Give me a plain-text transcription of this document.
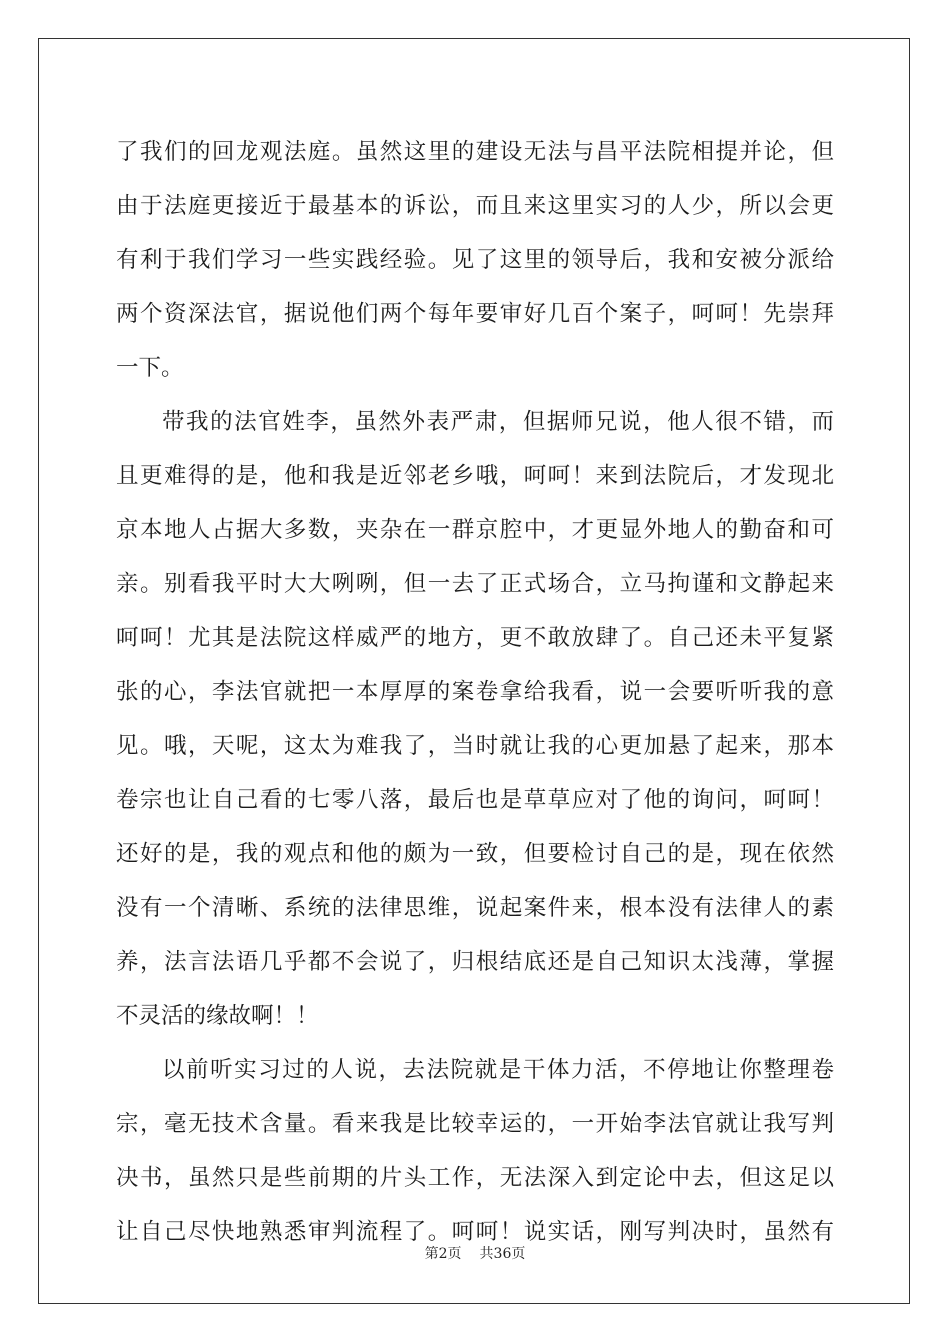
了我们的回龙观法庭。虽然这里的建设无法与昌平法院相提并论，但
由于法庭更接近于最基本的诉讼，而且来这里实习的人少，所以会更
有利于我们学习一些实践经验。见了这里的领导后，我和安被分派给
两个资深法官，据说他们两个每年要审好几百个案子，呵呵！先崇拜
一下。
带我的法官姓李，虽然外表严肃，但据师兄说，他人很不错，而
且更难得的是，他和我是近邻老乡哦，呵呵！来到法院后，才发现北
京本地人占据大多数，夹杂在一群京腔中，才更显外地人的勤奋和可
亲。别看我平时大大咧咧，但一去了正式场合，立马拘谨和文静起来
呵呵！尤其是法院这样威严的地方，更不敢放肆了。自己还未平复紧
张的心，李法官就把一本厚厚的案卷拿给我看，说一会要听听我的意
见。哦，天呢，这太为难我了，当时就让我的心更加悬了起来，那本
卷宗也让自己看的七零八落，最后也是草草应对了他的询问，呵呵！
还好的是，我的观点和他的颇为一致，但要检讨自己的是，现在依然
没有一个清晰、系统的法律思维，说起案件来，根本没有法律人的素
养，法言法语几乎都不会说了，归根结底还是自己知识太浅薄，掌握
不灵活的缘故啊！！
以前听实习过的人说，去法院就是干体力活，不停地让你整理卷
宗，毫无技术含量。看来我是比较幸运的，一开始李法官就让我写判
决书，虽然只是些前期的片头工作，无法深入到定论中去，但这足以
让自己尽快地熟悉审判流程了。呵呵！说实话，刚写判决时，虽然有
第2页 共36页
